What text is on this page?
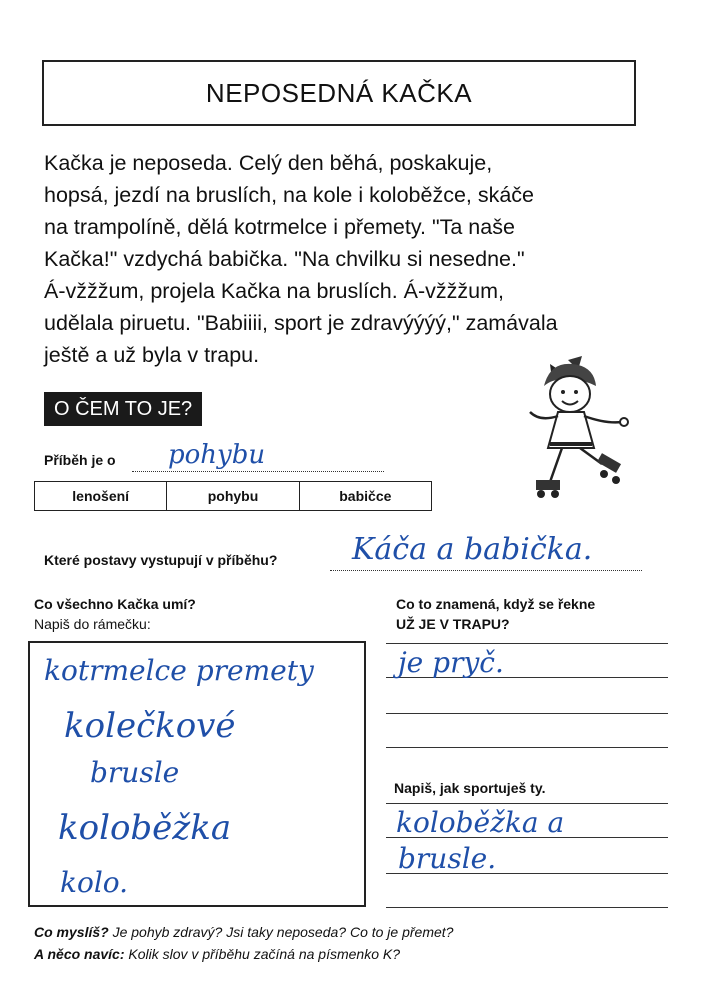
NEPOSEDNÁ KAČKA
Kačka je neposeda. Celý den běhá, poskakuje,
hopsá, jezdí na bruslích, na kole i koloběžce, skáče
na trampolíně, dělá kotrmelce i přemety. "Ta naše
Kačka!" vzdychá babička. "Na chvilku si nesedne."
Á-vžžžum, projela Kačka na bruslích. Á-vžžžum,
udělala piruetu. "Babiiii, sport je zdravýýýý," zamávala
ještě a už byla v trapu.
O ČEM TO JE?
Příběh je o pohybu
lenošení	pohybu	babičce
Které postavy vystupují v příběhu? Káča a babička.
Co všechno Kačka umí?
Napiš do rámečku:
kotrmelce premety
kolečkové
brusle
koloběžka
kolo.
Co to znamená, když se řekne
UŽ JE V TRAPU?
je pryč.
Napiš, jak sportuješ ty.
koloběžka a
brusle.
Co myslíš? Je pohyb zdravý? Jsi taky neposeda? Co to je přemet?
A něco navíc: Kolik slov v příběhu začíná na písmenko K?
